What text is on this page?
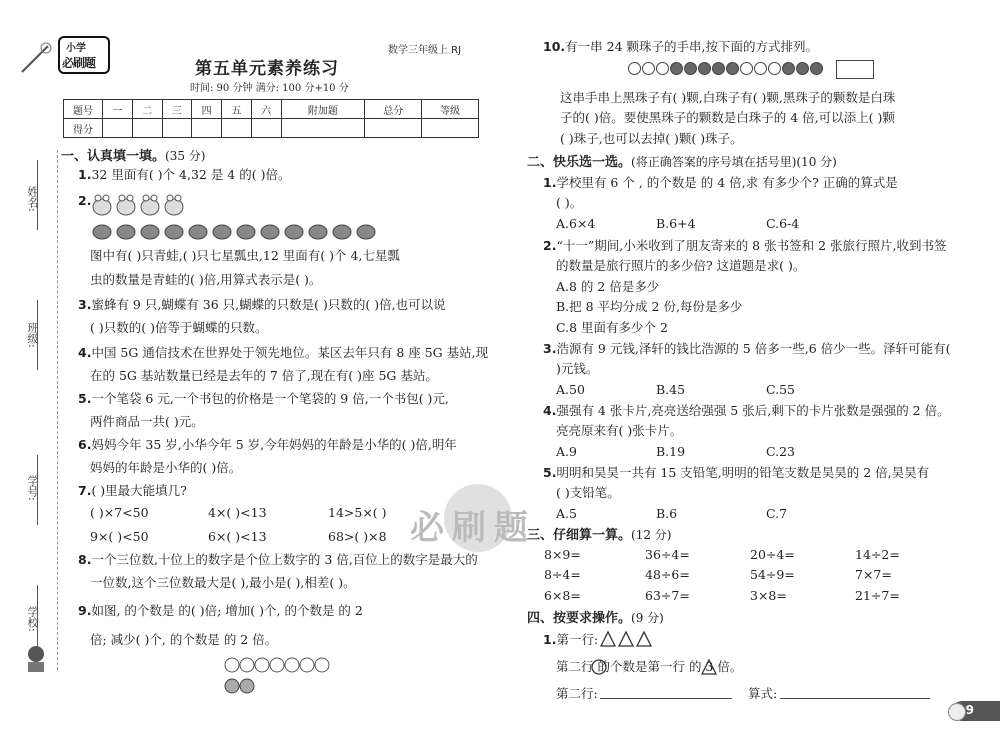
姓名:
班级:
学号:
学校:
小学
必刷题
数学三年级上 RJ
第五单元素养练习
时间: 90 分钟 满分: 100 分+10 分
题号	一	二	三	四	五	六	附加题	总分	等级
得分									
一、认真填一填。(35 分)
1.32 里面有( )个 4,32 是 4 的( )倍。
2.
图中有( )只青蛙,( )只七星瓢虫,12 里面有( )个 4,七星瓢
虫的数量是青蛙的( )倍,用算式表示是( )。
3.蜜蜂有 9 只,蝴蝶有 36 只,蝴蝶的只数是( )只数的( )倍,也可以说
( )只数的( )倍等于蝴蝶的只数。
4.中国 5G 通信技术在世界处于领先地位。某区去年只有 8 座 5G 基站,现
在的 5G 基站数量已经是去年的 7 倍了,现在有( )座 5G 基站。
5.一个笔袋 6 元,一个书包的价格是一个笔袋的 9 倍,一个书包( )元,
两件商品一共( )元。
6.妈妈今年 35 岁,小华今年 5 岁,今年妈妈的年龄是小华的( )倍,明年
妈妈的年龄是小华的( )倍。
7.( )里最大能填几?
( )×7<50	4×( )<13	14>5×( )
9×( )<50	6×( )<13	68>( )×8
8.一个三位数,十位上的数字是个位上数字的 3 倍,百位上的数字是最大的
一位数,这个三位数最大是( ),最小是( ),相差( )。
9.如图, 的个数是 的( )倍; 增加( )个, 的个数是 的 2
倍; 减少( )个, 的个数是 的 2 倍。
必刷题
10.有一串 24 颗珠子的手串,按下面的方式排列。
这串手串上黑珠子有( )颗,白珠子有( )颗,黑珠子的颗数是白珠
子的( )倍。要使黑珠子的颗数是白珠子的 4 倍,可以添上( )颗
( )珠子,也可以去掉( )颗( )珠子。
二、快乐选一选。(将正确答案的序号填在括号里)(10 分)
1.学校里有 6 个 , 的个数是 的 4 倍,求 有多少个? 正确的算式是
( )。
A.6×4	B.6+4	C.6-4
2.“十一”期间,小米收到了朋友寄来的 8 张书签和 2 张旅行照片,收到书签
的数量是旅行照片的多少倍? 这道题是求( )。
A.8 的 2 倍是多少
B.把 8 平均分成 2 份,每份是多少
C.8 里面有多少个 2
3.浩源有 9 元钱,泽轩的钱比浩源的 5 倍多一些,6 倍少一些。泽轩可能有(
)元钱。
A.50	B.45	C.55
4.强强有 4 张卡片,亮亮送给强强 5 张后,剩下的卡片张数是强强的 2 倍。
亮亮原来有( )张卡片。
A.9	B.19	C.23
5.明明和昊昊一共有 15 支铅笔,明明的铅笔支数是昊昊的 2 倍,昊昊有
( )支铅笔。
A.5	B.6	C.7
三、仔细算一算。(12 分)
8×9=	36÷4=	20÷4=	14÷2=
8÷4=	48÷6=	54÷9=	7×7=
6×8=	63÷7=	3×8=	21÷7=
四、按要求操作。(9 分)
1.第一行:
第二行 的个数是第一行 的 3 倍。
第二行:	算式:
9
